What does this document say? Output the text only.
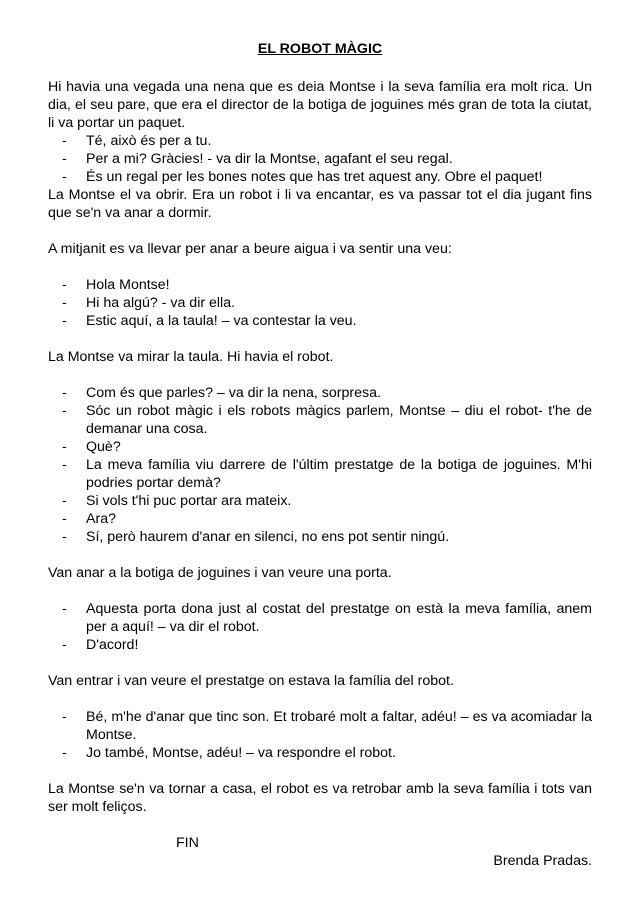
EL ROBOT MÀGIC

Hi havia una vegada una nena que es deia Montse i la seva família era molt rica. Un dia, el seu pare, que era el director de la botiga de joguines més gran de tota la ciutat, li va portar un paquet.

- Té, això és per a tu.
- Per a mi? Gràcies! - va dir la Montse, agafant el seu regal.
- És un regal per les bones notes que has tret aquest any. Obre el paquet!

La Montse el va obrir. Era un robot i li va encantar, es va passar tot el dia jugant fins que se'n va anar a dormir.

A mitjanit es va llevar per anar a beure aigua i va sentir una veu:

- Hola Montse!
- Hi ha algú? - va dir ella.
- Estic aquí, a la taula! – va contestar la veu.

La Montse va mirar la taula. Hi havia el robot.

- Com és que parles? – va dir la nena, sorpresa.
- Sóc un robot màgic i els robots màgics parlem, Montse – diu el robot- t'he de demanar una cosa.
- Què?
- La meva família viu darrere de l'últim prestatge de la botiga de joguines. M'hi podries portar demà?
- Si vols t'hi puc portar ara mateix.
- Ara?
- Sí, però haurem d'anar en silenci, no ens pot sentir ningú.

Van anar a la botiga de joguines i van veure una porta.

- Aquesta porta dona just al costat del prestatge on està la meva família, anem per a aquí! – va dir el robot.
- D'acord!

Van entrar i van veure el prestatge on estava la família del robot.

- Bé, m'he d'anar que tinc son. Et trobaré molt a faltar, adéu! – es va acomiadar la Montse.
- Jo també, Montse, adéu! – va respondre el robot.

La Montse se'n va tornar a casa, el robot es va retrobar amb la seva família i tots van ser molt feliços.

FIN
Brenda Pradas.
